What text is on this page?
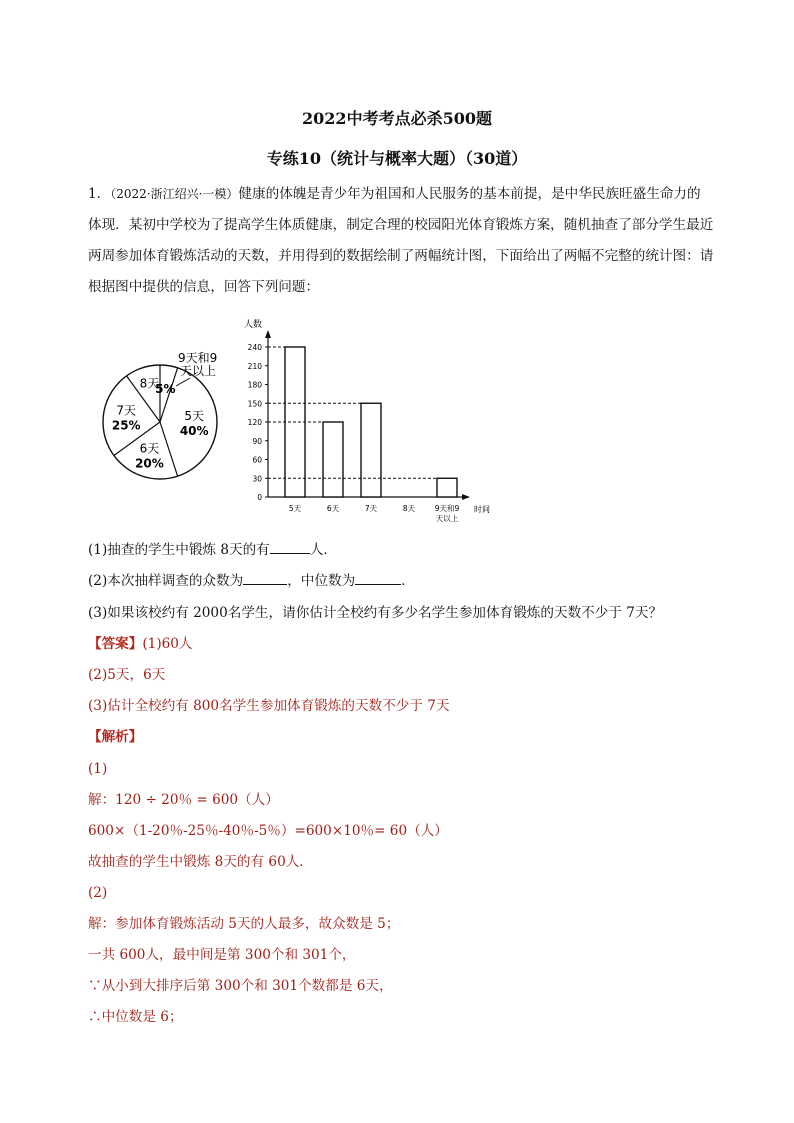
2022中考考点必杀500题
专练10（统计与概率大题）（30道）
1．（2022·浙江绍兴·一模）健康的体魄是青少年为祖国和人民服务的基本前提，是中华民族旺盛生命力的
体现．某初中学校为了提高学生体质健康，制定合理的校园阳光体育锻炼方案，随机抽查了部分学生最近
两周参加体育锻炼活动的天数，并用得到的数据绘制了两幅统计图，下面给出了两幅不完整的统计图：请
根据图中提供的信息，回答下列问题：
5天
40%
6天
20%
7天
25%
8天
5%
9天和9 天以上
人数
时间
0
30
60
90
120
150
180
210
240
5天	6天	7天	8天	9天和9 天以上
(1)抽查的学生中锻炼 8天的有	人．
(2)本次抽样调查的众数为	，中位数为	．
(3)如果该校约有 2000名学生，请你估计全校约有多少名学生参加体育锻炼的天数不少于 7天？
【答案】(1)60人
(2)5天，6天
(3)估计全校约有 800名学生参加体育锻炼的天数不少于 7天
【解析】
(1)
解：120 ÷ 20％ = 600（人）
600×（1-20％-25％-40％-5％）=600×10％= 60（人）
故抽查的学生中锻炼 8天的有 60人．
(2)
解：参加体育锻炼活动 5天的人最多，故众数是 5；
一共 600人，最中间是第 300个和 301个，
∵从小到大排序后第 300个和 301个数都是 6天，
∴中位数是 6；
